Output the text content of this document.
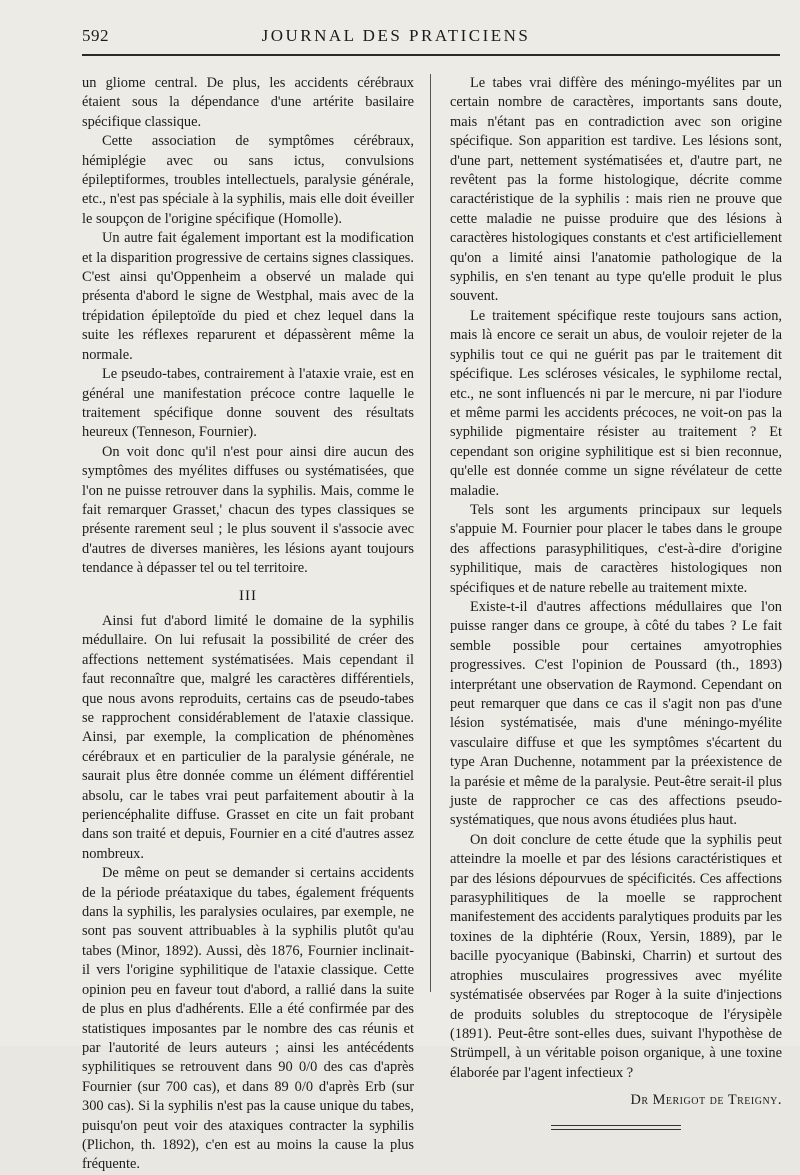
592	JOURNAL DES PRATICIENS

un gliome central. De plus, les accidents cérébraux étaient sous la dépendance d'une artérite basilaire spécifique classique.

Cette association de symptômes cérébraux, hémiplégie avec ou sans ictus, convulsions épileptiformes, troubles intellectuels, paralysie générale, etc., n'est pas spéciale à la syphilis, mais elle doit éveiller le soupçon de l'origine spécifique (Homolle).

Un autre fait également important est la modification et la disparition progressive de certains signes classiques. C'est ainsi qu'Oppenheim a observé un malade qui présenta d'abord le signe de Westphal, mais avec de la trépidation épileptoïde du pied et chez lequel dans la suite les réflexes reparurent et dépassèrent même la normale.

Le pseudo-tabes, contrairement à l'ataxie vraie, est en général une manifestation précoce contre laquelle le traitement spécifique donne souvent des résultats heureux (Tenneson, Fournier).

On voit donc qu'il n'est pour ainsi dire aucun des symptômes des myélites diffuses ou systématisées, que l'on ne puisse retrouver dans la syphilis. Mais, comme le fait remarquer Grasset,' chacun des types classiques se présente rarement seul ; le plus souvent il s'associe avec d'autres de diverses manières, les lésions ayant toujours tendance à dépasser tel ou tel territoire.

III

Ainsi fut d'abord limité le domaine de la syphilis médullaire. On lui refusait la possibilité de créer des affections nettement systématisées. Mais cependant il faut reconnaître que, malgré les caractères différentiels, que nous avons reproduits, certains cas de pseudo-tabes se rapprochent considérablement de l'ataxie classique. Ainsi, par exemple, la complication de phénomènes cérébraux et en particulier de la paralysie générale, ne saurait plus être donnée comme un élément différentiel absolu, car le tabes vrai peut parfaitement aboutir à la periencéphalite diffuse. Grasset en cite un fait probant dans son traité et depuis, Fournier en a cité d'autres assez nombreux.

De même on peut se demander si certains accidents de la période préataxique du tabes, également fréquents dans la syphilis, les paralysies oculaires, par exemple, ne sont pas souvent attribuables à la syphilis plutôt qu'au tabes (Minor, 1892). Aussi, dès 1876, Fournier inclinait-il vers l'origine syphilitique de l'ataxie classique. Cette opinion peu en faveur tout d'abord, a rallié dans la suite de plus en plus d'adhérents. Elle a été confirmée par des statistiques imposantes par le nombre des cas réunis et par l'autorité de leurs auteurs ; ainsi les antécédents syphilitiques se retrouvent dans 90 0/0 des cas d'après Fournier (sur 700 cas), et dans 89 0/0 d'après Erb (sur 300 cas). Si la syphilis n'est pas la cause unique du tabes, puisqu'on peut voir des ataxiques contracter la syphilis (Plichon, th. 1892), c'en est au moins la cause la plus fréquente.

Le tabes vrai diffère des méningo-myélites par un certain nombre de caractères, importants sans doute, mais n'étant pas en contradiction avec son origine spécifique. Son apparition est tardive. Les lésions sont, d'une part, nettement systématisées et, d'autre part, ne revêtent pas la forme histologique, décrite comme caractéristique de la syphilis : mais rien ne prouve que cette maladie ne puisse produire que des lésions à caractères histologiques constants et c'est artificiellement qu'on a limité ainsi l'anatomie pathologique de la syphilis, en s'en tenant au type qu'elle produit le plus souvent.

Le traitement spécifique reste toujours sans action, mais là encore ce serait un abus, de vouloir rejeter de la syphilis tout ce qui ne guérit pas par le traitement dit spécifique. Les scléroses vésicales, le syphilome rectal, etc., ne sont influencés ni par le mercure, ni par l'iodure et même parmi les accidents précoces, ne voit-on pas la syphilide pigmentaire résister au traitement ? Et cependant son origine syphilitique est si bien reconnue, qu'elle est donnée comme un signe révélateur de cette maladie.

Tels sont les arguments principaux sur lequels s'appuie M. Fournier pour placer le tabes dans le groupe des affections parasyphilitiques, c'est-à-dire d'origine syphilitique, mais de caractères histologiques non spécifiques et de nature rebelle au traitement mixte.

Existe-t-il d'autres affections médullaires que l'on puisse ranger dans ce groupe, à côté du tabes ? Le fait semble possible pour certaines amyotrophies progressives. C'est l'opinion de Poussard (th., 1893) interprétant une observation de Raymond. Cependant on peut remarquer que dans ce cas il s'agit non pas d'une lésion systématisée, mais d'une méningo-myélite vasculaire diffuse et que les symptômes s'écartent du type Aran Duchenne, notamment par la préexistence de la parésie et même de la paralysie. Peut-être serait-il plus juste de rapprocher ce cas des affections pseudo-systématiques, que nous avons étudiées plus haut.

On doit conclure de cette étude que la syphilis peut atteindre la moelle et par des lésions caractéristiques et par des lésions dépourvues de spécificités. Ces affections parasyphilitiques de la moelle se rapprochent manifestement des accidents paralytiques produits par les toxines de la diphtérie (Roux, Yersin, 1889), par le bacille pyocyanique (Babinski, Charrin) et surtout des atrophies musculaires progressives avec myélite systématisée observées par Roger à la suite d'injections de produits solubles du streptocoque de l'érysipèle (1891). Peut-être sont-elles dues, suivant l'hypothèse de Strümpell, à un véritable poison organique, à une toxine élaborée par l'agent infectieux ?

Dr Merigot de Treigny.
